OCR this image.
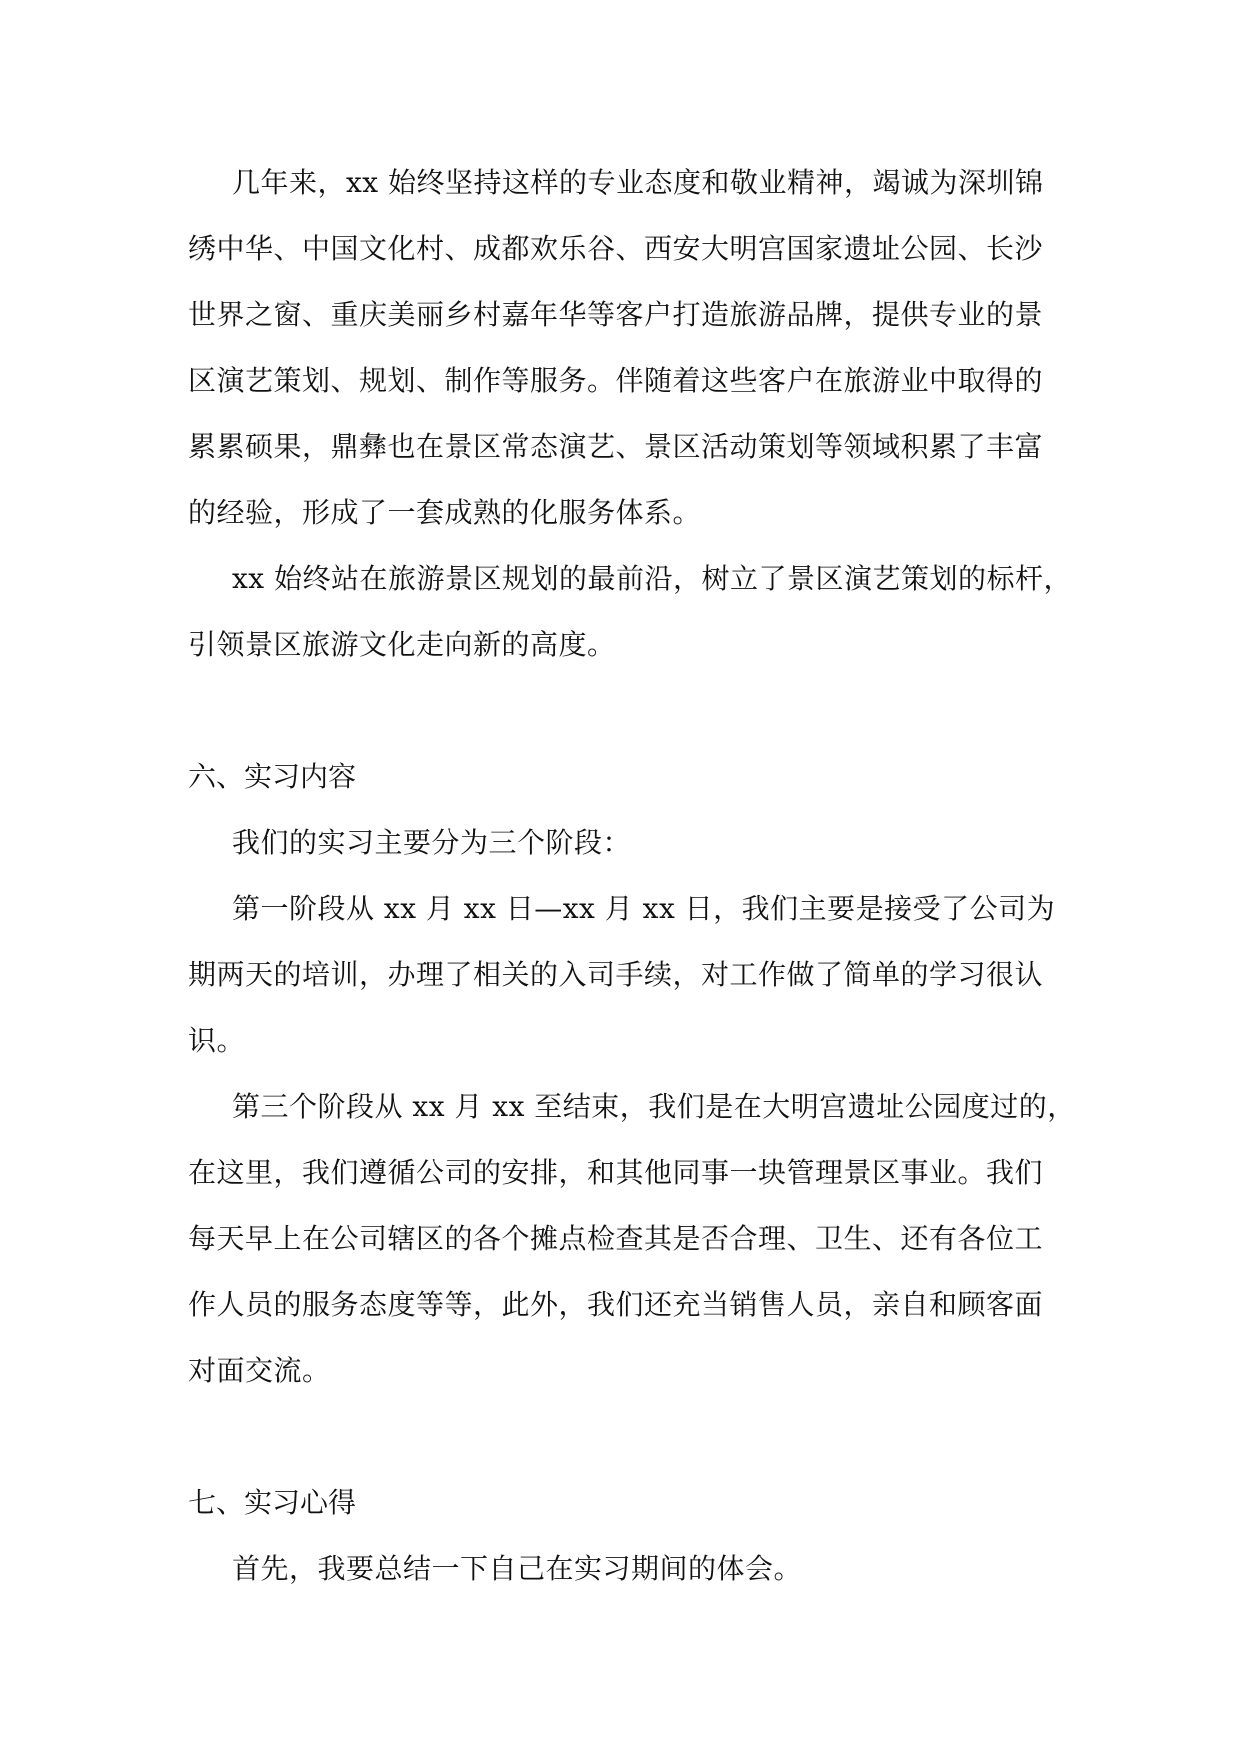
几年来，xx 始终坚持这样的专业态度和敬业精神，竭诚为深圳锦
绣中华、中国文化村、成都欢乐谷、西安大明宫国家遗址公园、长沙
世界之窗、重庆美丽乡村嘉年华等客户打造旅游品牌，提供专业的景
区演艺策划、规划、制作等服务。伴随着这些客户在旅游业中取得的
累累硕果，鼎彝也在景区常态演艺、景区活动策划等领域积累了丰富
的经验，形成了一套成熟的化服务体系。
xx 始终站在旅游景区规划的最前沿，树立了景区演艺策划的标杆，
引领景区旅游文化走向新的高度。
六、实习内容
我们的实习主要分为三个阶段：
第一阶段从 xx 月 xx 日—xx 月 xx 日，我们主要是接受了公司为
期两天的培训，办理了相关的入司手续，对工作做了简单的学习很认
识。
第三个阶段从 xx 月 xx 至结束，我们是在大明宫遗址公园度过的，
在这里，我们遵循公司的安排，和其他同事一块管理景区事业。我们
每天早上在公司辖区的各个摊点检查其是否合理、卫生、还有各位工
作人员的服务态度等等，此外，我们还充当销售人员，亲自和顾客面
对面交流。
七、实习心得
首先，我要总结一下自己在实习期间的体会。
